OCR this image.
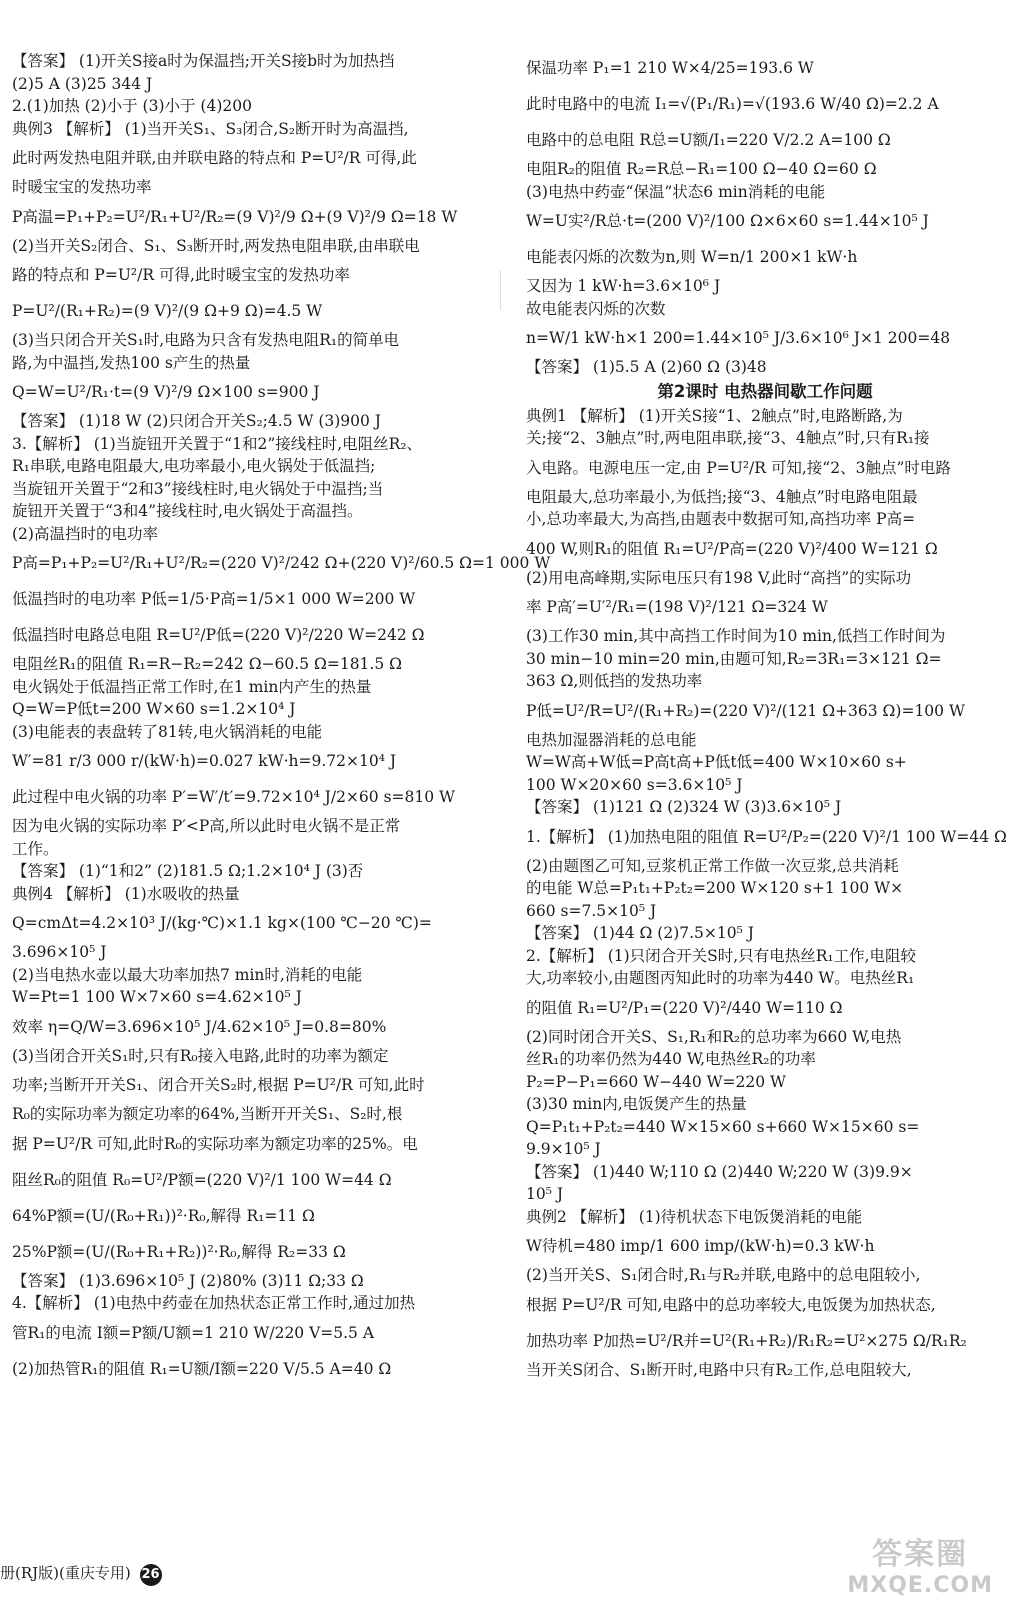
【答案】 (1)开关S接a时为保温挡;开关S接b时为加热挡
(2)5 A (3)25 344 J
2.(1)加热 (2)小于 (3)小于 (4)200
典例3 【解析】 (1)当开关S₁、S₃闭合,S₂断开时为高温挡,
此时两发热电阻并联,由并联电路的特点和 P=U²/R 可得,此
时暖宝宝的发热功率
P高温=P₁+P₂=U²/R₁+U²/R₂=(9 V)²/9 Ω+(9 V)²/9 Ω=18 W
(2)当开关S₂闭合、S₁、S₃断开时,两发热电阻串联,由串联电
路的特点和 P=U²/R 可得,此时暖宝宝的发热功率
P=U²/(R₁+R₂)=(9 V)²/(9 Ω+9 Ω)=4.5 W
(3)当只闭合开关S₁时,电路为只含有发热电阻R₁的简单电
路,为中温挡,发热100 s产生的热量
Q=W=U²/R₁·t=(9 V)²/9 Ω×100 s=900 J
【答案】 (1)18 W (2)只闭合开关S₂;4.5 W (3)900 J
3.【解析】 (1)当旋钮开关置于“1和2”接线柱时,电阻丝R₂、
R₁串联,电路电阻最大,电功率最小,电火锅处于低温挡;
当旋钮开关置于“2和3”接线柱时,电火锅处于中温挡;当
旋钮开关置于“3和4”接线柱时,电火锅处于高温挡。
(2)高温挡时的电功率
P高=P₁+P₂=U²/R₁+U²/R₂=(220 V)²/242 Ω+(220 V)²/60.5 Ω=1 000 W
低温挡时的电功率 P低=1/5·P高=1/5×1 000 W=200 W
低温挡时电路总电阻 R=U²/P低=(220 V)²/220 W=242 Ω
电阻丝R₁的阻值 R₁=R−R₂=242 Ω−60.5 Ω=181.5 Ω
电火锅处于低温挡正常工作时,在1 min内产生的热量
Q=W=P低t=200 W×60 s=1.2×10⁴ J
(3)电能表的表盘转了81转,电火锅消耗的电能
W′=81 r/3 000 r/(kW·h)=0.027 kW·h=9.72×10⁴ J
此过程中电火锅的功率 P′=W′/t′=9.72×10⁴ J/2×60 s=810 W
因为电火锅的实际功率 P′<P高,所以此时电火锅不是正常
工作。
【答案】 (1)“1和2” (2)181.5 Ω;1.2×10⁴ J (3)否
典例4 【解析】 (1)水吸收的热量
Q=cmΔt=4.2×10³ J/(kg·℃)×1.1 kg×(100 ℃−20 ℃)=
3.696×10⁵ J
(2)当电热水壶以最大功率加热7 min时,消耗的电能
W=Pt=1 100 W×7×60 s=4.62×10⁵ J
效率 η=Q/W=3.696×10⁵ J/4.62×10⁵ J=0.8=80%
(3)当闭合开关S₁时,只有R₀接入电路,此时的功率为额定
功率;当断开开关S₁、闭合开关S₂时,根据 P=U²/R 可知,此时
R₀的实际功率为额定功率的64%,当断开开关S₁、S₂时,根
据 P=U²/R 可知,此时R₀的实际功率为额定功率的25%。电
阻丝R₀的阻值 R₀=U²/P额=(220 V)²/1 100 W=44 Ω
64%P额=(U/(R₀+R₁))²·R₀,解得 R₁=11 Ω
25%P额=(U/(R₀+R₁+R₂))²·R₀,解得 R₂=33 Ω
【答案】 (1)3.696×10⁵ J (2)80% (3)11 Ω;33 Ω
4.【解析】 (1)电热中药壶在加热状态正常工作时,通过加热
管R₁的电流 I额=P额/U额=1 210 W/220 V=5.5 A
(2)加热管R₁的阻值 R₁=U额/I额=220 V/5.5 A=40 Ω
保温功率 P₁=1 210 W×4/25=193.6 W
此时电路中的电流 I₁=√(P₁/R₁)=√(193.6 W/40 Ω)=2.2 A
电路中的总电阻 R总=U额/I₁=220 V/2.2 A=100 Ω
电阻R₂的阻值 R₂=R总−R₁=100 Ω−40 Ω=60 Ω
(3)电热中药壶“保温”状态6 min消耗的电能
W=U实²/R总·t=(200 V)²/100 Ω×6×60 s=1.44×10⁵ J
电能表闪烁的次数为n,则 W=n/1 200×1 kW·h
又因为 1 kW·h=3.6×10⁶ J
故电能表闪烁的次数
n=W/1 kW·h×1 200=1.44×10⁵ J/3.6×10⁶ J×1 200=48
【答案】 (1)5.5 A (2)60 Ω (3)48
第2课时 电热器间歇工作问题
典例1 【解析】 (1)开关S接“1、2触点”时,电路断路,为
关;接“2、3触点”时,两电阻串联,接“3、4触点”时,只有R₁接
入电路。电源电压一定,由 P=U²/R 可知,接“2、3触点”时电路
电阻最大,总功率最小,为低挡;接“3、4触点”时电路电阻最
小,总功率最大,为高挡,由题表中数据可知,高挡功率 P高=
400 W,则R₁的阻值 R₁=U²/P高=(220 V)²/400 W=121 Ω
(2)用电高峰期,实际电压只有198 V,此时“高挡”的实际功
率 P高′=U′²/R₁=(198 V)²/121 Ω=324 W
(3)工作30 min,其中高挡工作时间为10 min,低挡工作时间为
30 min−10 min=20 min,由题可知,R₂=3R₁=3×121 Ω=
363 Ω,则低挡的发热功率
P低=U²/R=U²/(R₁+R₂)=(220 V)²/(121 Ω+363 Ω)=100 W
电热加湿器消耗的总电能
W=W高+W低=P高t高+P低t低=400 W×10×60 s+
100 W×20×60 s=3.6×10⁵ J
【答案】 (1)121 Ω (2)324 W (3)3.6×10⁵ J
1.【解析】 (1)加热电阻的阻值 R=U²/P₂=(220 V)²/1 100 W=44 Ω
(2)由题图乙可知,豆浆机正常工作做一次豆浆,总共消耗
的电能 W总=P₁t₁+P₂t₂=200 W×120 s+1 100 W×
660 s=7.5×10⁵ J
【答案】 (1)44 Ω (2)7.5×10⁵ J
2.【解析】 (1)只闭合开关S时,只有电热丝R₁工作,电阻较
大,功率较小,由题图丙知此时的功率为440 W。电热丝R₁
的阻值 R₁=U²/P₁=(220 V)²/440 W=110 Ω
(2)同时闭合开关S、S₁,R₁和R₂的总功率为660 W,电热
丝R₁的功率仍然为440 W,电热丝R₂的功率
P₂=P−P₁=660 W−440 W=220 W
(3)30 min内,电饭煲产生的热量
Q=P₁t₁+P₂t₂=440 W×15×60 s+660 W×15×60 s=
9.9×10⁵ J
【答案】 (1)440 W;110 Ω (2)440 W;220 W (3)9.9×
10⁵ J
典例2 【解析】 (1)待机状态下电饭煲消耗的电能
W待机=480 imp/1 600 imp/(kW·h)=0.3 kW·h
(2)当开关S、S₁闭合时,R₁与R₂并联,电路中的总电阻较小,
根据 P=U²/R 可知,电路中的总功率较大,电饭煲为加热状态,
加热功率 P加热=U²/R并=U²(R₁+R₂)/R₁R₂=U²×275 Ω/R₁R₂
当开关S闭合、S₁断开时,电路中只有R₂工作,总电阻较大,
册(RJ版)(重庆专用) 26
答案圈
MXQE.COM
